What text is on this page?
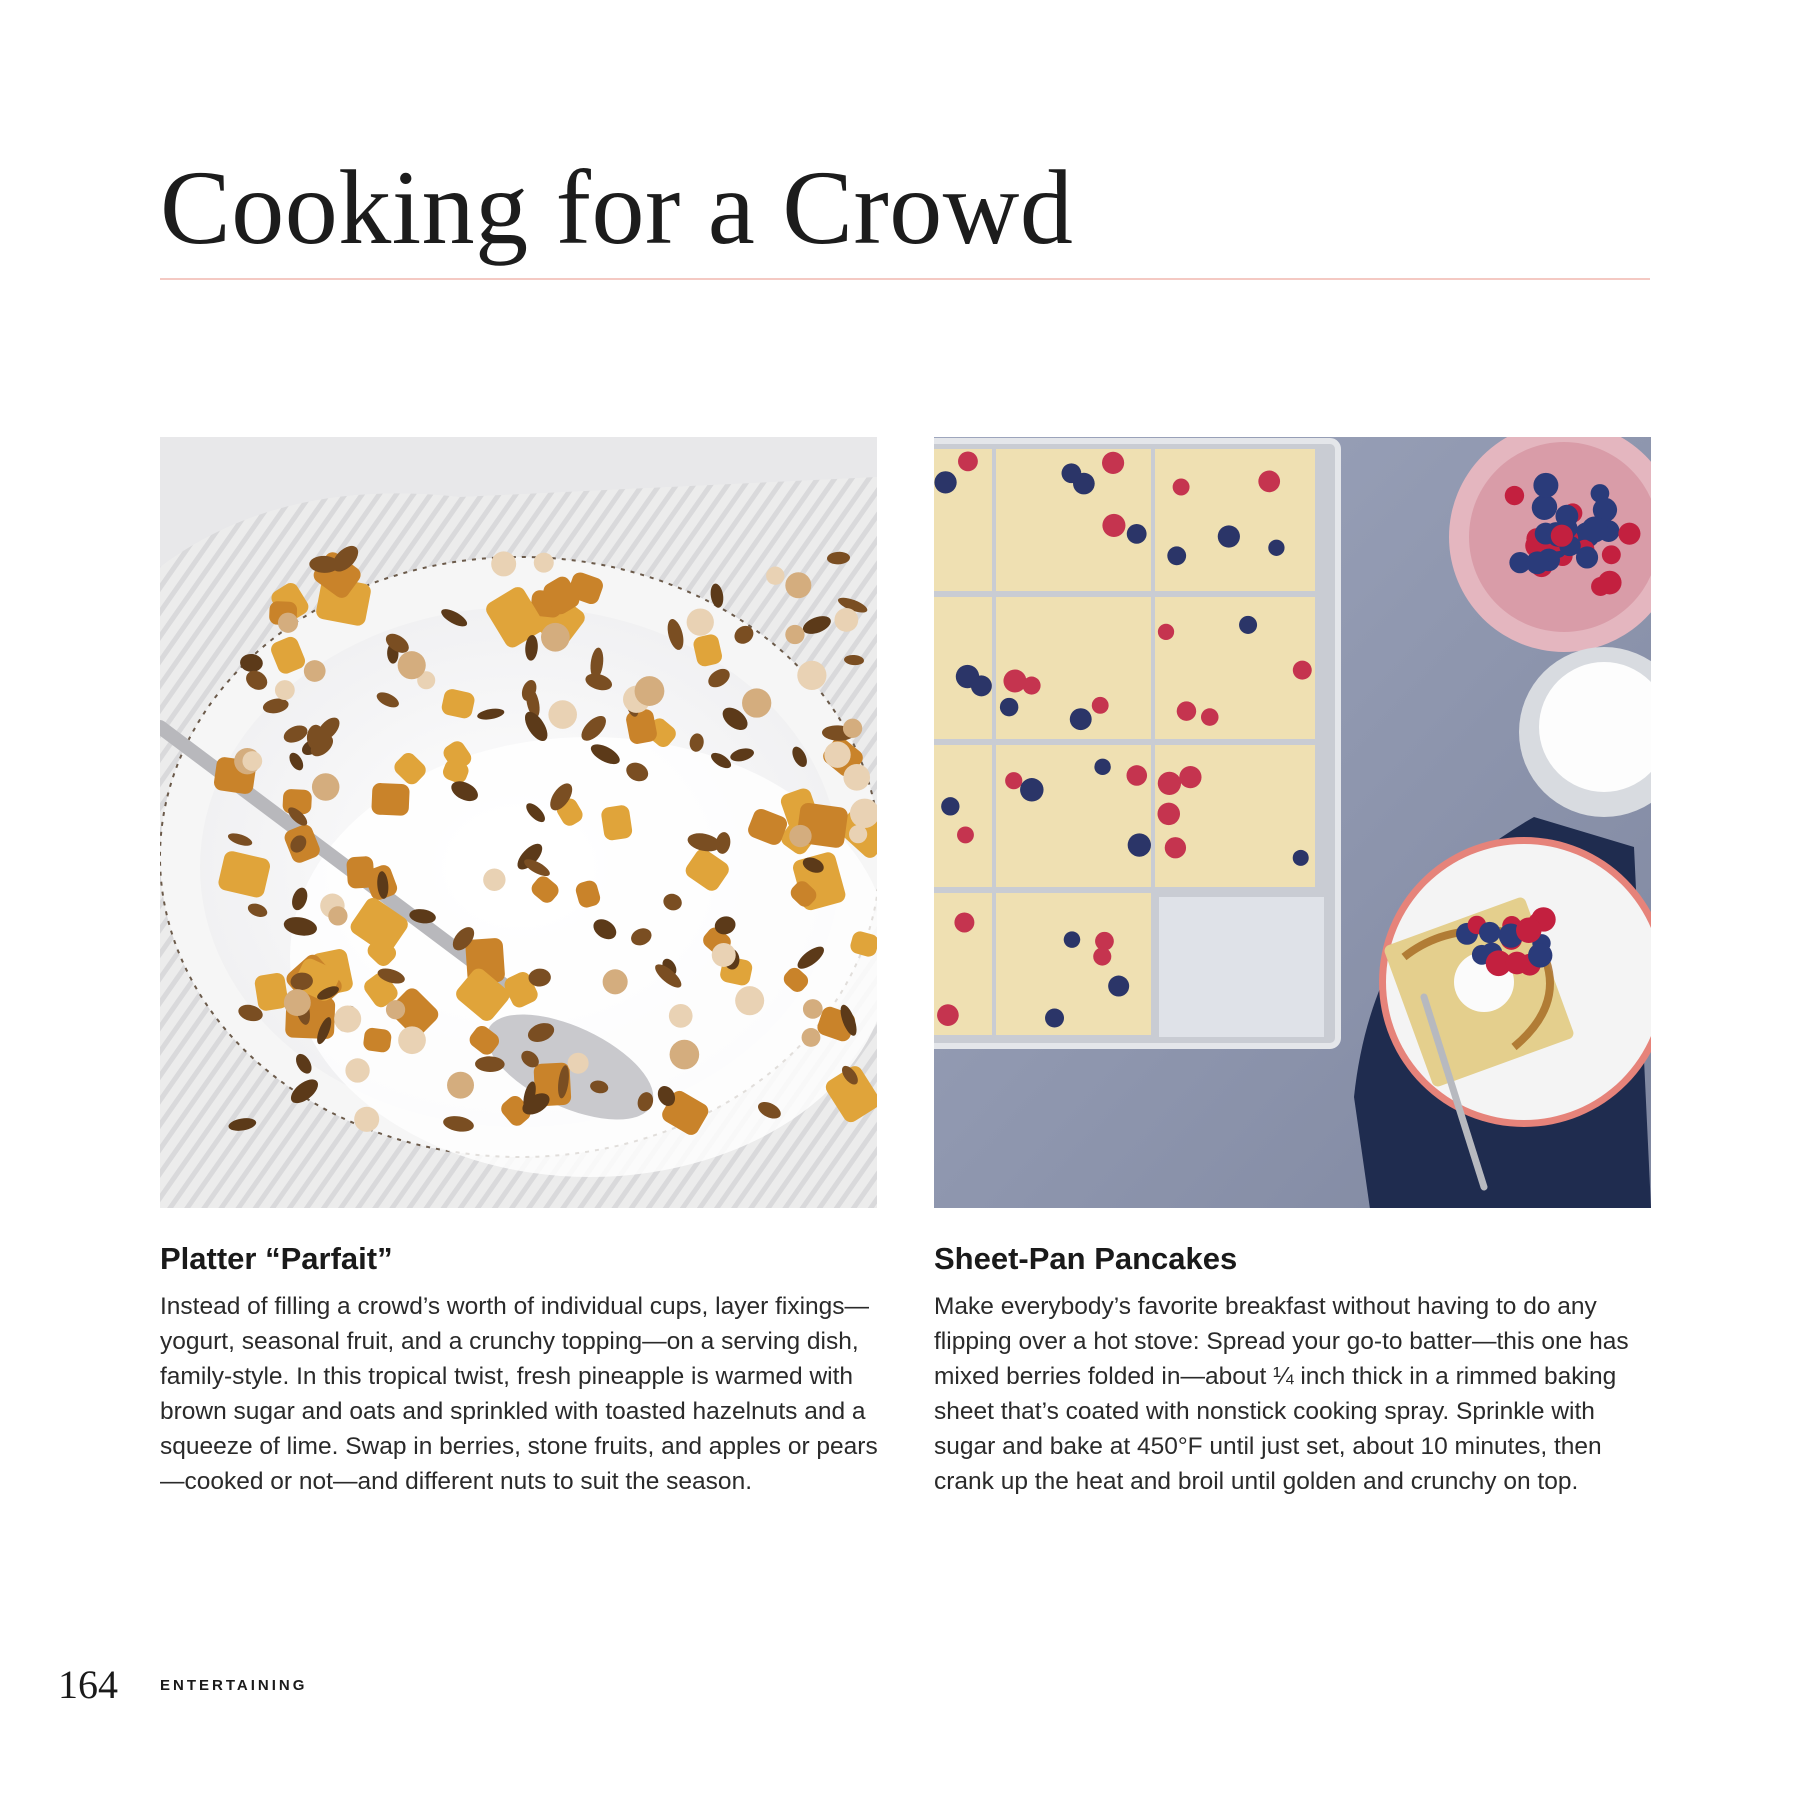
Cooking for a Crowd
Platter “Parfait”

Instead of filling a crowd’s worth of individual cups, layer fixings—yogurt, seasonal fruit, and a crunchy topping—on a serving dish, family-style. In this tropical twist, fresh pineapple is warmed with brown sugar and oats and sprinkled with toasted hazelnuts and a squeeze of lime. Swap in berries, stone fruits, and apples or pears—cooked or not—and different nuts to suit the season.

Sheet-Pan Pancakes

Make everybody’s favorite breakfast without having to do any flipping over a hot stove: Spread your go-to batter—this one has mixed berries folded in—about ¼ inch thick in a rimmed baking sheet that’s coated with nonstick cooking spray. Sprinkle with sugar and bake at 450°F until just set, about 10 minutes, then crank up the heat and broil until golden and crunchy on top.

164	ENTERTAINING
